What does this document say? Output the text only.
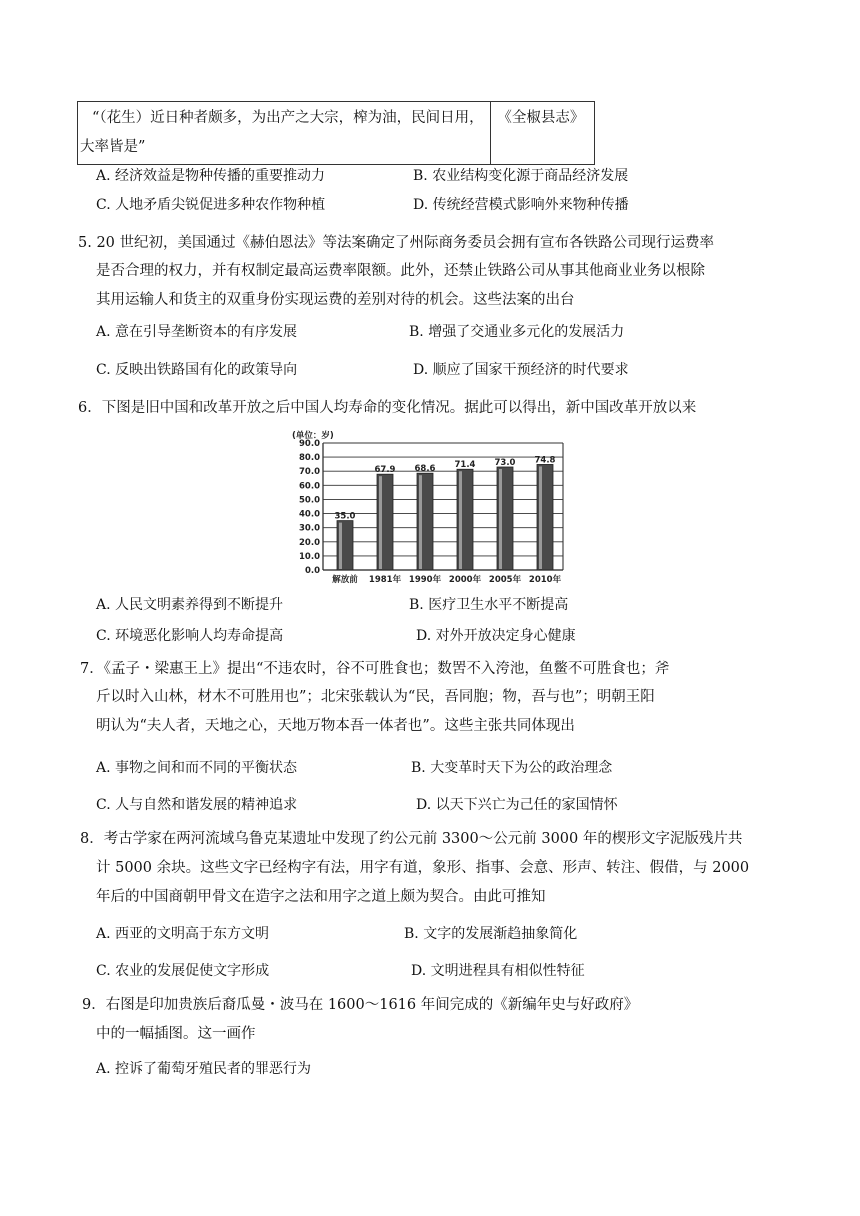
“（花生）近日种者颇多，为出产之大宗，榨为油，民间日用，大率皆是”	《全椒县志》
A. 经济效益是物种传播的重要推动力	B. 农业结构变化源于商品经济发展
C. 人地矛盾尖锐促进多种农作物种植	D. 传统经营模式影响外来物种传播
5. 20 世纪初，美国通过《赫伯恩法》等法案确定了州际商务委员会拥有宣布各铁路公司现行运费率
是否合理的权力，并有权制定最高运费率限额。此外，还禁止铁路公司从事其他商业业务以根除
其用运输人和货主的双重身份实现运费的差别对待的机会。这些法案的出台
A. 意在引导垄断资本的有序发展	B. 增强了交通业多元化的发展活力
C. 反映出铁路国有化的政策导向	D. 顺应了国家干预经济的时代要求
6．下图是旧中国和改革开放之后中国人均寿命的变化情况。据此可以得出，新中国改革开放以来
(单位：岁)
0.0
10.0
20.0
30.0
40.0
50.0
60.0
70.0
80.0
90.0
35.0
解放前
67.9
1981年
68.6
1990年
71.4
2000年
73.0
2005年
74.8
2010年
A. 人民文明素养得到不断提升	B. 医疗卫生水平不断提高
C. 环境恶化影响人均寿命提高	D. 对外开放决定身心健康
7．《孟子・梁惠王上》提出“不违农时，谷不可胜食也；数罟不入洿池，鱼鳖不可胜食也；斧
斤以时入山林，材木不可胜用也”；北宋张载认为“民，吾同胞；物，吾与也”；明朝王阳
明认为“夫人者，天地之心，天地万物本吾一体者也”。这些主张共同体现出
A. 事物之间和而不同的平衡状态	B. 大变革时天下为公的政治理念
C. 人与自然和谐发展的精神追求	D. 以天下兴亡为己任的家国情怀
8．考古学家在两河流域乌鲁克某遗址中发现了约公元前 3300～公元前 3000 年的楔形文字泥版残片共
计 5000 余块。这些文字已经构字有法，用字有道，象形、指事、会意、形声、转注、假借，与 2000
年后的中国商朝甲骨文在造字之法和用字之道上颇为契合。由此可推知
A. 西亚的文明高于东方文明	B. 文字的发展渐趋抽象简化
C. 农业的发展促使文字形成	D. 文明进程具有相似性特征
9．右图是印加贵族后裔瓜曼・波马在 1600～1616 年间完成的《新编年史与好政府》
中的一幅插图。这一画作
A. 控诉了葡萄牙殖民者的罪恶行为
